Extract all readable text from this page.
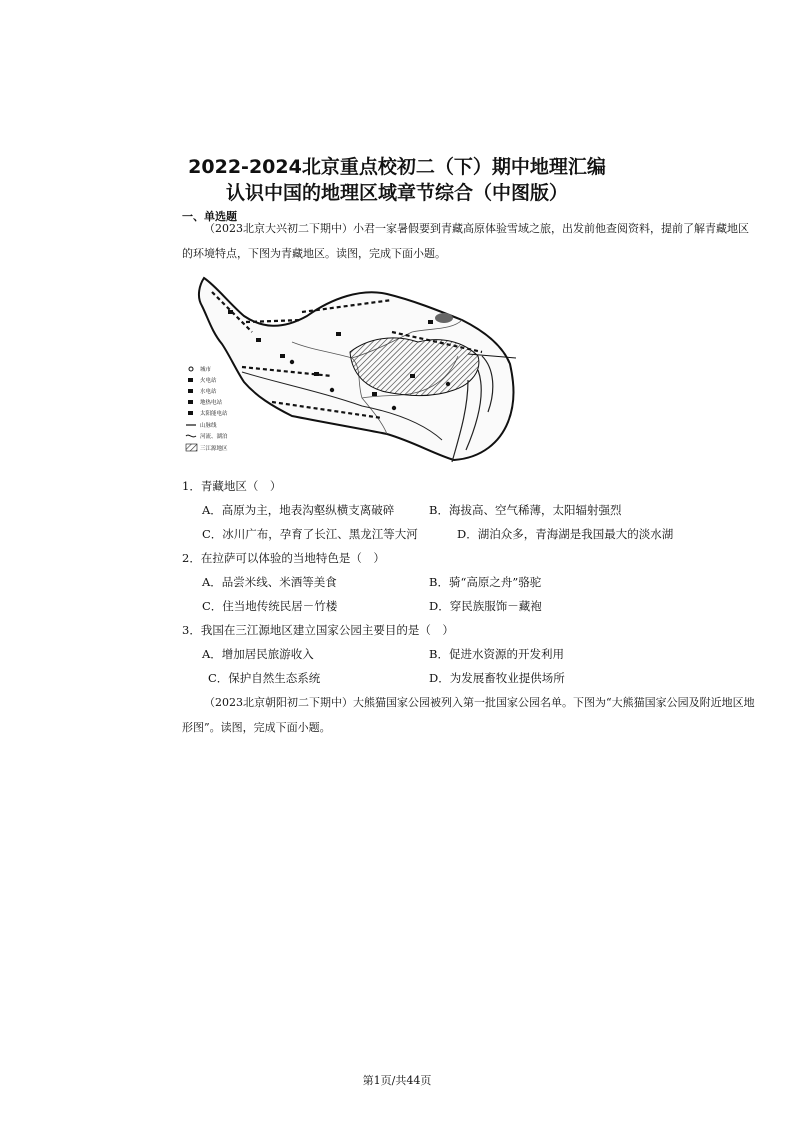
2022-2024北京重点校初二（下）期中地理汇编
认识中国的地理区域章节综合（中图版）
一、单选题
（2023北京大兴初二下期中）小君一家暑假要到青藏高原体验雪域之旅，出发前他查阅资料，提前了解青藏地区的环境特点，下图为青藏地区。读图，完成下面小题。
城市
火电站
水电站
地热电站
太阳能电站
山脉线
河流、湖泊
三江源地区
1．青藏地区（　）
A．高原为主，地表沟壑纵横支离破碎	B．海拔高、空气稀薄，太阳辐射强烈
C．冰川广布，孕育了长江、黑龙江等大河	D．湖泊众多，青海湖是我国最大的淡水湖
2．在拉萨可以体验的当地特色是（　）
A．品尝米线、米酒等美食	B．骑“高原之舟”骆驼
C．住当地传统民居－竹楼	D．穿民族服饰－藏袍
3．我国在三江源地区建立国家公园主要目的是（　）
A．增加居民旅游收入	B．促进水资源的开发利用
C．保护自然生态系统	D．为发展畜牧业提供场所
（2023北京朝阳初二下期中）大熊猫国家公园被列入第一批国家公园名单。下图为“大熊猫国家公园及附近地区地形图”。读图，完成下面小题。
第1页/共44页
